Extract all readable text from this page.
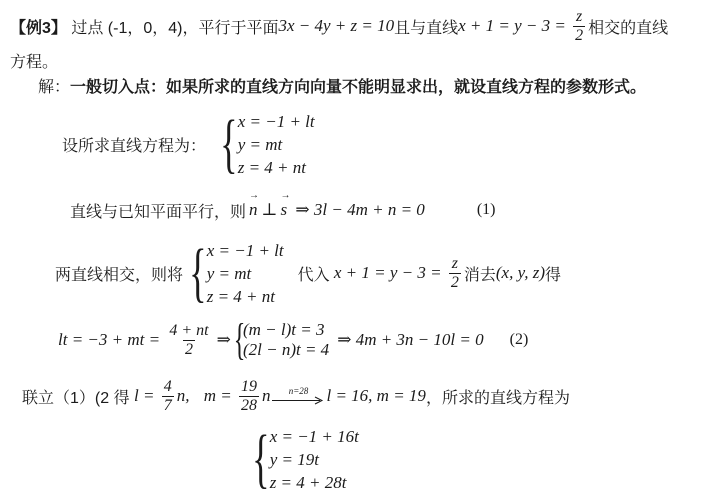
【例3】 过点 (-1，0，4)，平行于平面 3x − 4y + z = 10 且与直线 $x + 1 = y - 3 = \frac{z}{2}$ 相交的直线
方程。
解： 一般切入点：如果所求的直线方向向量不能明显求出，就设直线方程的参数形式。
设所求直线方程为： { x = −1 + lt
y = mt
z = 4 + nt
直线与已知平面平行，则 → n ⊥ → s ⇒ 3l − 4m + n = 0	(1)
两直线相交，则将 { x = −1 + lt
y = mt
z = 4 + nt
代入 $x + 1 = y - 3 = \frac{z}{2}$ 消去 (x, y, z) 得
lt = −3 + mt = $\frac{4 + nt}{2}$ ⇒ {
(m − l)t = 3
(2l − n)t = 4
⇒ 4m + 3n − 10l = 0 (2)
联立（1）(2 得 $l = \frac{4}{7} n$, $m = \frac{19}{28}$ n n=28 l = 16, m = 19 ，所求的直线方程为
{ x = −1 + 16t
y = 19t
z = 4 + 28t
